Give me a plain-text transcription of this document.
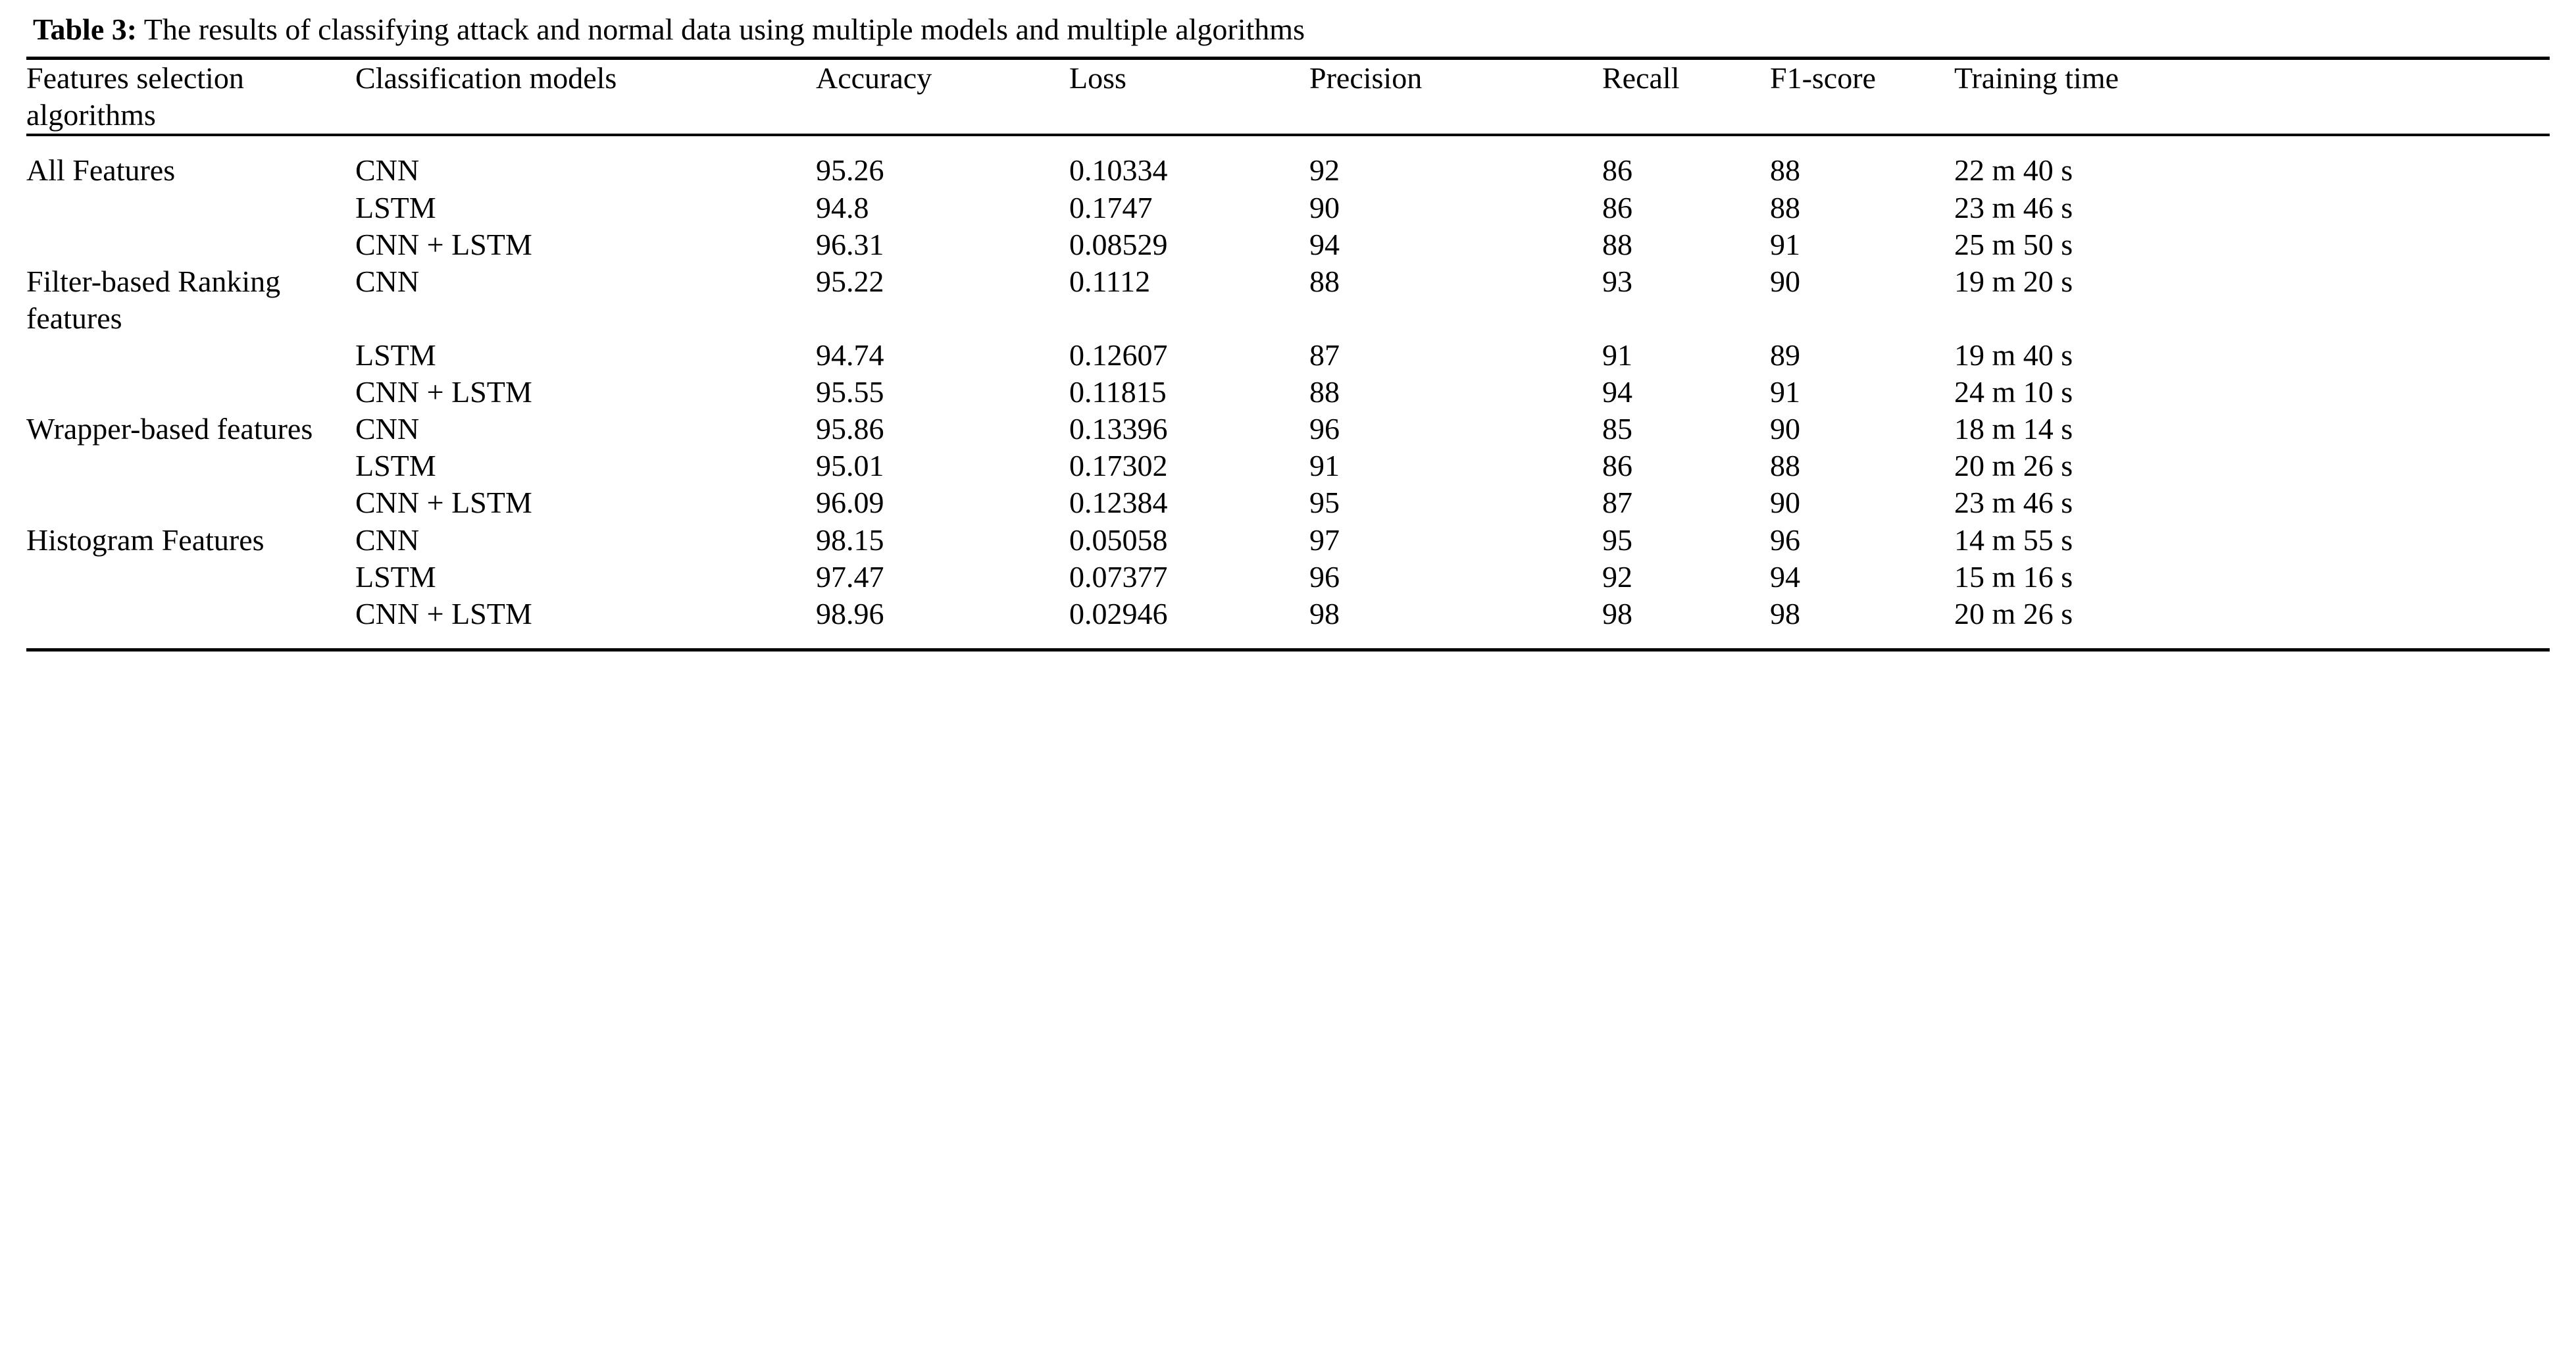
Table 3: The results of classifying attack and normal data using multiple models and multiple algorithms
Features selection algorithms	Classification models	Accuracy	Loss	Precision	Recall	F1-score	Training time
All Features	CNN	95.26	0.10334	92	86	88	22 m 40 s
	LSTM	94.8	0.1747	90	86	88	23 m 46 s
	CNN + LSTM	96.31	0.08529	94	88	91	25 m 50 s
Filter-based Ranking features	CNN	95.22	0.1112	88	93	90	19 m 20 s
	LSTM	94.74	0.12607	87	91	89	19 m 40 s
	CNN + LSTM	95.55	0.11815	88	94	91	24 m 10 s
Wrapper-based features	CNN	95.86	0.13396	96	85	90	18 m 14 s
	LSTM	95.01	0.17302	91	86	88	20 m 26 s
	CNN + LSTM	96.09	0.12384	95	87	90	23 m 46 s
Histogram Features	CNN	98.15	0.05058	97	95	96	14 m 55 s
	LSTM	97.47	0.07377	96	92	94	15 m 16 s
	CNN + LSTM	98.96	0.02946	98	98	98	20 m 26 s
